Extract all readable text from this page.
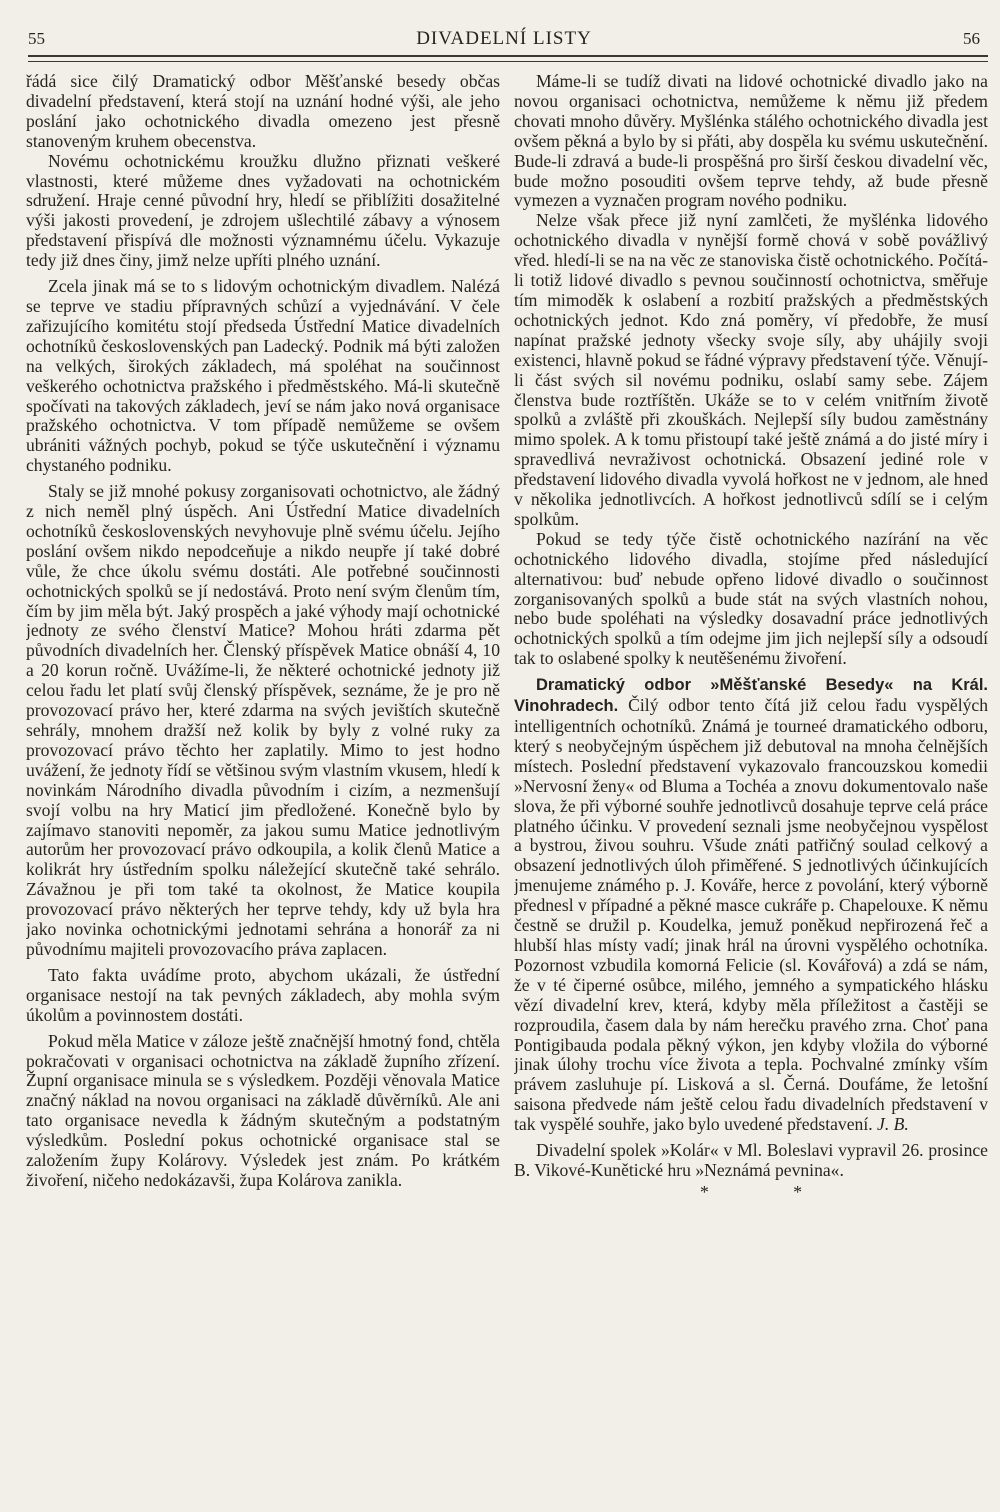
55	DIVADELNÍ LISTY	56

řádá sice čilý Dramatický odbor Měšťanské besedy občas divadelní představení, která stojí na uznání hodné výši, ale jeho poslání jako ochotnického divadla omezeno jest přesně stanoveným kruhem obecenstva.

Novému ochotnickému kroužku dlužno přiznati veškeré vlastnosti, které můžeme dnes vyžadovati na ochotnickém sdružení. Hraje cenné původní hry, hledí se přiblížiti dosažitelné výši jakosti provedení, je zdrojem ušlechtilé zábavy a výnosem představení přispívá dle možnosti významnému účelu. Vykazuje tedy již dnes činy, jimž nelze upříti plného uznání.

Zcela jinak má se to s lidovým ochotnickým divadlem. Nalézá se teprve ve stadiu přípravných schůzí a vyjednávání. V čele zařizujícího komitétu stojí předseda Ústřední Matice divadelních ochotníků československých pan Ladecký. Podnik má býti založen na velkých, širokých základech, má spoléhat na součinnost veškerého ochotnictva pražského i předměstského. Má-li skutečně spočívati na takových základech, jeví se nám jako nová organisace pražského ochotnictva. V tom případě nemůžeme se ovšem ubrániti vážných pochyb, pokud se týče uskutečnění i významu chystaného podniku.

Staly se již mnohé pokusy zorganisovati ochotnictvo, ale žádný z nich neměl plný úspěch. Ani Ústřední Matice divadelních ochotníků československých nevyhovuje plně svému účelu. Jejího poslání ovšem nikdo nepodceňuje a nikdo neupře jí také dobré vůle, že chce úkolu svému dostáti. Ale potřebné součinnosti ochotnických spolků se jí nedostává. Proto není svým členům tím, čím by jim měla být. Jaký prospěch a jaké výhody mají ochotnické jednoty ze svého členství Matice? Mohou hráti zdarma pět původních divadelních her. Členský příspěvek Matice obnáší 4, 10 a 20 korun ročně. Uvážíme-li, že některé ochotnické jednoty již celou řadu let platí svůj členský příspěvek, seznáme, že je pro ně provozovací právo her, které zdarma na svých jevištích skutečně sehrály, mnohem dražší než kolik by byly z volné ruky za provozovací právo těchto her zaplatily. Mimo to jest hodno uvážení, že jednoty řídí se většinou svým vlastním vkusem, hledí k novinkám Národního divadla původním i cizím, a nezmenšují svojí volbu na hry Maticí jim předložené. Konečně bylo by zajímavo stanoviti nepoměr, za jakou sumu Matice jednotlivým autorům her provozovací právo odkoupila, a kolik členů Matice a kolikrát hry ústředním spolku náležející skutečně také sehrálo. Závažnou je při tom také ta okolnost, že Matice koupila provozovací právo některých her teprve tehdy, kdy už byla hra jako novinka ochotnickými jednotami sehrána a honorář za ni původnímu majiteli provozovacího práva zaplacen.

Tato fakta uvádíme proto, abychom ukázali, že ústřední organisace nestojí na tak pevných základech, aby mohla svým úkolům a povinnostem dostáti.

Pokud měla Matice v záloze ještě značnější hmotný fond, chtěla pokračovati v organisaci ochotnictva na základě župního zřízení. Župní organisace minula se s výsledkem. Později věnovala Matice značný náklad na novou organisaci na základě důvěrníků. Ale ani tato organisace nevedla k žádným skutečným a podstatným výsledkům. Poslední pokus ochotnické organisace stal se založením župy Kolárovy. Výsledek jest znám. Po krátkém živoření, ničeho nedokázavši, župa Kolárova zanikla.

Máme-li se tudíž divati na lidové ochotnické divadlo jako na novou organisaci ochotnictva, nemůžeme k němu již předem chovati mnoho důvěry. Myšlénka stálého ochotnického divadla jest ovšem pěkná a bylo by si přáti, aby dospěla ku svému uskutečnění. Bude-li zdravá a bude-li prospěšná pro širší českou divadelní věc, bude možno posouditi ovšem teprve tehdy, až bude přesně vymezen a vyznačen program nového podniku.

Nelze však přece již nyní zamlčeti, že myšlénka lidového ochotnického divadla v nynější formě chová v sobě povážlivý vřed. hledí-li se na na věc ze stanoviska čistě ochotnického. Počítá-li totiž lidové divadlo s pevnou součinností ochotnictva, směřuje tím mimoděk k oslabení a rozbití pražských a předměstských ochotnických jednot. Kdo zná poměry, ví předobře, že musí napínat pražské jednoty všecky svoje síly, aby uhájily svoji existenci, hlavně pokud se řádné výpravy představení týče. Věnují-li část svých sil novému podniku, oslabí samy sebe. Zájem členstva bude roztříštěn. Ukáže se to v celém vnitřním životě spolků a zvláště při zkouškách. Nejlepší síly budou zaměstnány mimo spolek. A k tomu přistoupí také ještě známá a do jisté míry i spravedlivá nevraživost ochotnická. Obsazení jediné role v představení lidového divadla vyvolá hořkost ne v jednom, ale hned v několika jednotlivcích. A hořkost jednotlivců sdílí se i celým spolkům.

Pokud se tedy týče čistě ochotnického nazírání na věc ochotnického lidového divadla, stojíme před následující alternativou: buď nebude opřeno lidové divadlo o součinnost zorganisovaných spolků a bude stát na svých vlastních nohou, nebo bude spoléhati na výsledky dosavadní práce jednotlivých ochotnických spolků a tím odejme jim jich nejlepší síly a odsoudí tak to oslabené spolky k neutěšenému živoření.

Dramatický odbor »Měšťanské Besedy« na Král. Vinohradech. Čilý odbor tento čítá již celou řadu vyspělých intelligentních ochotníků. Známá je tourneé dramatického odboru, který s neobyčejným úspěchem již debutoval na mnoha čelnějších místech. Poslední představení vykazovalo francouzskou komedii »Nervosní ženy« od Bluma a Tochéa a znovu dokumentovalo naše slova, že při výborné souhře jednotlivců dosahuje teprve celá práce platného účinku. V provedení seznali jsme neobyčejnou vyspělost a bystrou, živou souhru. Všude znáti patřičný soulad celkový a obsazení jednotlivých úloh přiměřené. S jednotlivých účinkujících jmenujeme známého p. J. Kováře, herce z povolání, který výborně přednesl v případné a pěkné masce cukráře p. Chapelouxe. K němu čestně se družil p. Koudelka, jemuž poněkud nepřirozená řeč a hlubší hlas místy vadí; jinak hrál na úrovni vyspělého ochotníka. Pozornost vzbudila komorná Felicie (sl. Kovářová) a zdá se nám, že v té čiperné osůbce, milého, jemného a sympatického hlásku vězí divadelní krev, která, kdyby měla příležitost a častěji se rozproudila, časem dala by nám herečku pravého zrna. Choť pana Pontigibauda podala pěkný výkon, jen kdyby vložila do výborné jinak úlohy trochu více života a tepla. Pochvalné zmínky vším právem zasluhuje pí. Lisková a sl. Černá. Doufáme, že letošní saisona předvede nám ještě celou řadu divadelních představení v tak vyspělé souhře, jako bylo uvedené představení. J. B.

Divadelní spolek »Kolár« v Ml. Boleslavi vypravil 26. prosince B. Vikové-Kunětické hru »Neznámá pevnina«.

* *
